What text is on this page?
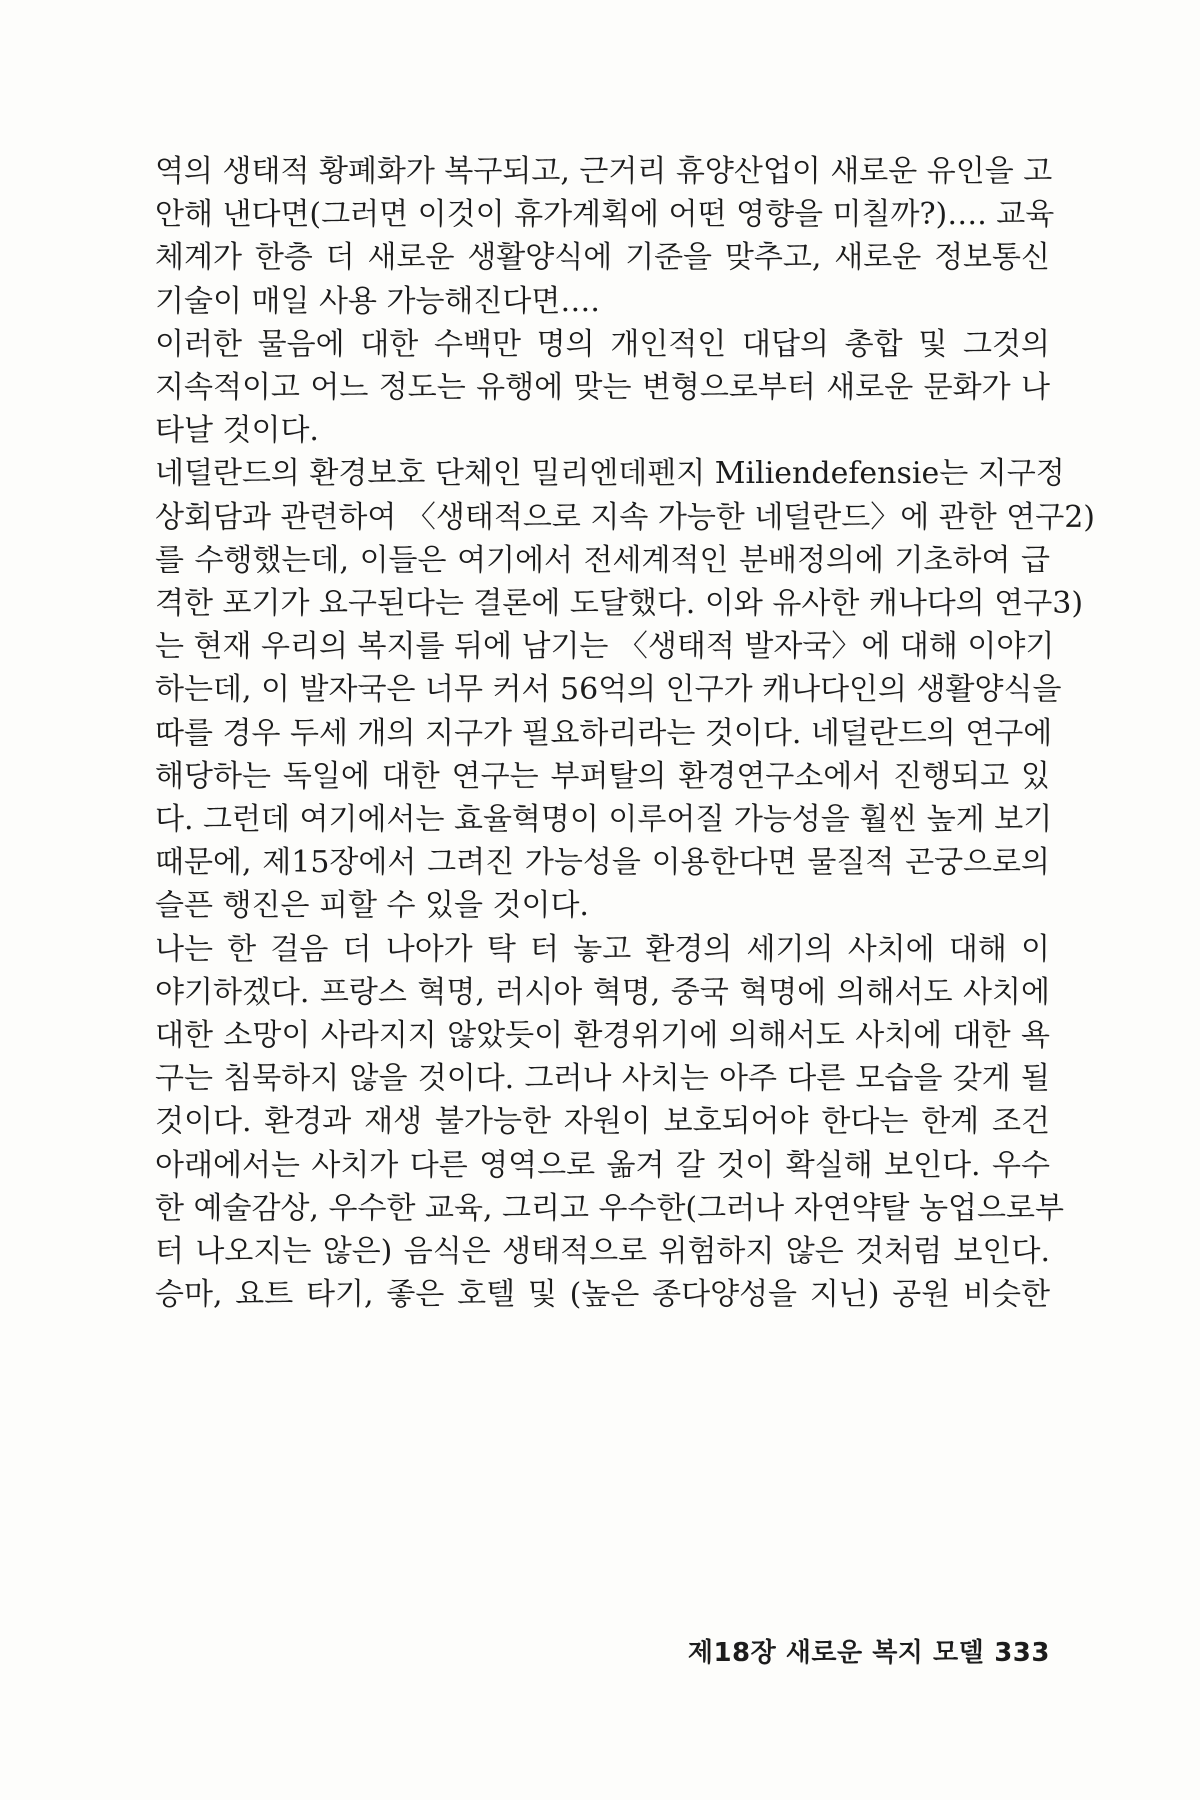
역의 생태적 황폐화가 복구되고, 근거리 휴양산업이 새로운 유인을 고
안해 낸다면(그러면 이것이 휴가계획에 어떤 영향을 미칠까?)…. 교육
체계가 한층 더 새로운 생활양식에 기준을 맞추고, 새로운 정보통신
기술이 매일 사용 가능해진다면….

이러한 물음에 대한 수백만 명의 개인적인 대답의 총합 및 그것의
지속적이고 어느 정도는 유행에 맞는 변형으로부터 새로운 문화가 나
타날 것이다.

네덜란드의 환경보호 단체인 밀리엔데펜지 Miliendefensie는 지구정
상회담과 관련하여 〈생태적으로 지속 가능한 네덜란드〉에 관한 연구2)
를 수행했는데, 이들은 여기에서 전세계적인 분배정의에 기초하여 급
격한 포기가 요구된다는 결론에 도달했다. 이와 유사한 캐나다의 연구3)
는 현재 우리의 복지를 뒤에 남기는 〈생태적 발자국〉에 대해 이야기
하는데, 이 발자국은 너무 커서 56억의 인구가 캐나다인의 생활양식을
따를 경우 두세 개의 지구가 필요하리라는 것이다. 네덜란드의 연구에
해당하는 독일에 대한 연구는 부퍼탈의 환경연구소에서 진행되고 있
다. 그런데 여기에서는 효율혁명이 이루어질 가능성을 훨씬 높게 보기
때문에, 제15장에서 그려진 가능성을 이용한다면 물질적 곤궁으로의
슬픈 행진은 피할 수 있을 것이다.

나는 한 걸음 더 나아가 탁 터 놓고 환경의 세기의 사치에 대해 이
야기하겠다. 프랑스 혁명, 러시아 혁명, 중국 혁명에 의해서도 사치에
대한 소망이 사라지지 않았듯이 환경위기에 의해서도 사치에 대한 욕
구는 침묵하지 않을 것이다. 그러나 사치는 아주 다른 모습을 갖게 될
것이다. 환경과 재생 불가능한 자원이 보호되어야 한다는 한계 조건
아래에서는 사치가 다른 영역으로 옮겨 갈 것이 확실해 보인다. 우수
한 예술감상, 우수한 교육, 그리고 우수한(그러나 자연약탈 농업으로부
터 나오지는 않은) 음식은 생태적으로 위험하지 않은 것처럼 보인다.
승마, 요트 타기, 좋은 호텔 및 (높은 종다양성을 지닌) 공원 비슷한

제18장 새로운 복지 모델 333
